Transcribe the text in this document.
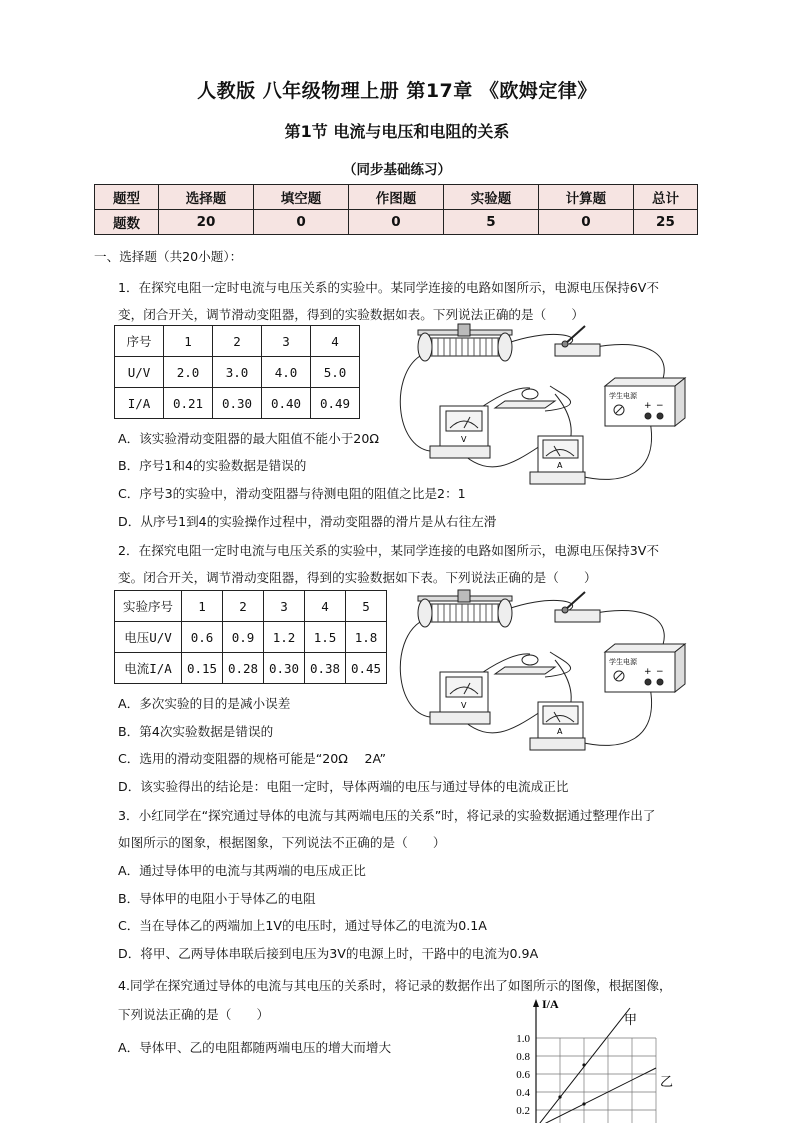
人教版 八年级物理上册 第17章 《欧姆定律》
第1节 电流与电压和电阻的关系
（同步基础练习）
题型	选择题	填空题	作图题	实验题	计算题	总计
题数	20	0	0	5	0	25
一、选择题（共20小题）：
1．在探究电阻一定时电流与电压关系的实验中。某同学连接的电路如图所示，电源电压保持6V不
变，闭合开关，调节滑动变阻器，得到的实验数据如表。下列说法正确的是（　　）
序号	1	2	3	4
U/V	2.0	3.0	4.0	5.0
I/A	0.21	0.30	0.40	0.49
A．该实验滑动变阻器的最大阻值不能小于20Ω
B．序号1和4的实验数据是错误的
C．序号3的实验中，滑动变阻器与待测电阻的阻值之比是2：1
D．从序号1到4的实验操作过程中，滑动变阻器的滑片是从右往左滑
V
A
学生电源
+ −
2．在探究电阻一定时电流与电压关系的实验中，某同学连接的电路如图所示，电源电压保持3V不
变。闭合开关，调节滑动变阻器，得到的实验数据如下表。下列说法正确的是（　　）
实验序号	1	2	3	4	5
电压U/V	0.6	0.9	1.2	1.5	1.8
电流I/A	0.15	0.28	0.30	0.38	0.45
A．多次实验的目的是减小误差
B．第4次实验数据是错误的
C．选用的滑动变阻器的规格可能是“20Ω　 2A”
D．该实验得出的结论是：电阻一定时，导体两端的电压与通过导体的电流成正比
V
A
学生电源
+ −
3．小红同学在“探究通过导体的电流与其两端电压的关系”时，将记录的实验数据通过整理作出了
如图所示的图象，根据图象，下列说法不正确的是（　　）
A．通过导体甲的电流与其两端的电压成正比
B．导体甲的电阻小于导体乙的电阻
C．当在导体乙的两端加上1V的电压时，通过导体乙的电流为0.1A
D．将甲、乙两导体串联后接到电压为3V的电源上时，干路中的电流为0.9A
4.同学在探究通过导体的电流与其电压的关系时，将记录的数据作出了如图所示的图像，根据图像，
下列说法正确的是（　　）
A．导体甲、乙的电阻都随两端电压的增大而增大
I/A
1.0
0.8
0.6
0.4
0.2
甲
乙
